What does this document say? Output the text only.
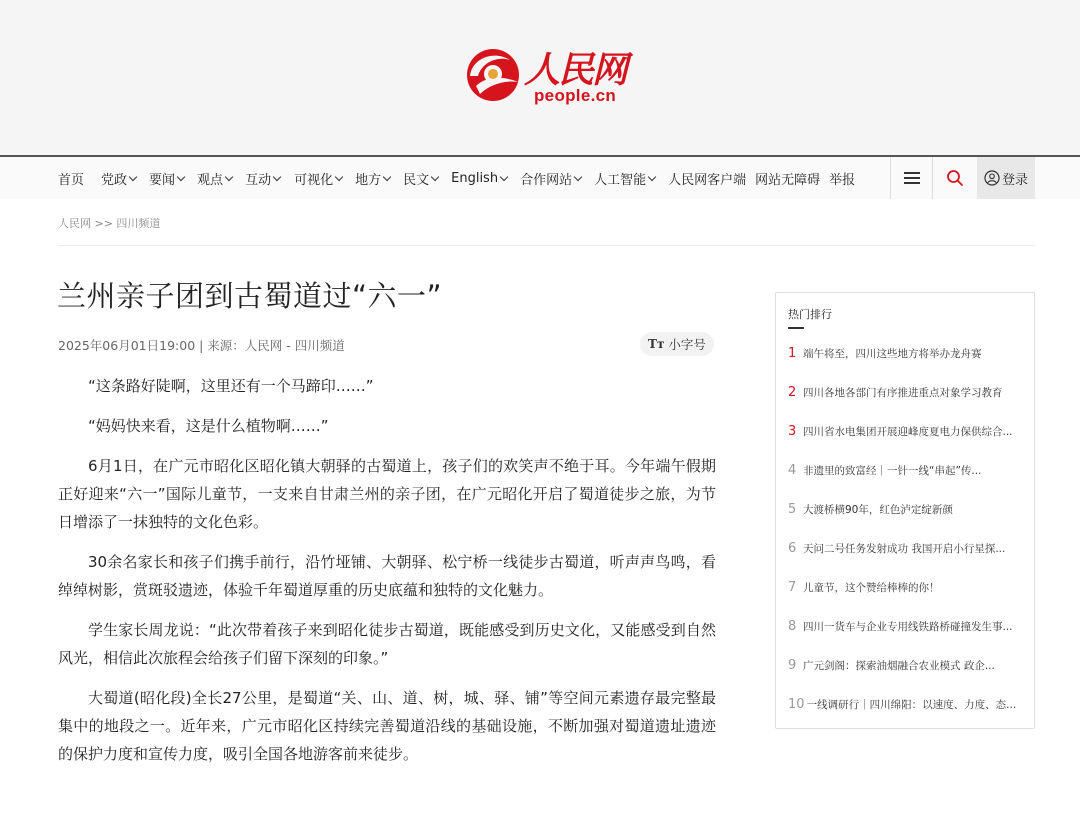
人民网
people.cn
首页 党政 要闻 观点 互动 可视化 地方 民文 English 合作网站 人工智能 人民网客户端 网站无障碍 举报	登录
人民网 >> 四川频道
兰州亲子团到古蜀道过“六一”
2025年06月01日19:00 | 来源：人民网 - 四川频道	Tт 小字号

“这条路好陡啊，这里还有一个马蹄印……”

“妈妈快来看，这是什么植物啊……”

6月1日，在广元市昭化区昭化镇大朝驿的古蜀道上，孩子们的欢笑声不绝于耳。今年端午假期正好迎来“六一”国际儿童节，一支来自甘肃兰州的亲子团，在广元昭化开启了蜀道徒步之旅，为节日增添了一抹独特的文化色彩。

30余名家长和孩子们携手前行，沿竹垭铺、大朝驿、松宁桥一线徒步古蜀道，听声声鸟鸣，看绰绰树影，赏斑驳遗迹，体验千年蜀道厚重的历史底蕴和独特的文化魅力。

学生家长周龙说：“此次带着孩子来到昭化徒步古蜀道，既能感受到历史文化，又能感受到自然风光，相信此次旅程会给孩子们留下深刻的印象。”

大蜀道(昭化段)全长27公里，是蜀道“关、山、道、树，城、驿、铺”等空间元素遗存最完整最集中的地段之一。近年来，广元市昭化区持续完善蜀道沿线的基础设施，不断加强对蜀道遗址遗迹的保护力度和宣传力度，吸引全国各地游客前来徒步。

热门排行
1 端午将至，四川这些地方将举办龙舟赛
2 四川各地各部门有序推进重点对象学习教育
3 四川省水电集团开展迎峰度夏电力保供综合...
4 非遗里的致富经｜一针一线“串起”传...
5 大渡桥横90年，红色泸定绽新颜
6 天问二号任务发射成功 我国开启小行星探...
7 儿童节，这个赞给棒棒的你！
8 四川一货车与企业专用线铁路桥碰撞发生事...
9 广元剑阁：探索油烟融合农业模式 政企...
10 一线调研行｜四川绵阳：以速度、力度、态...
